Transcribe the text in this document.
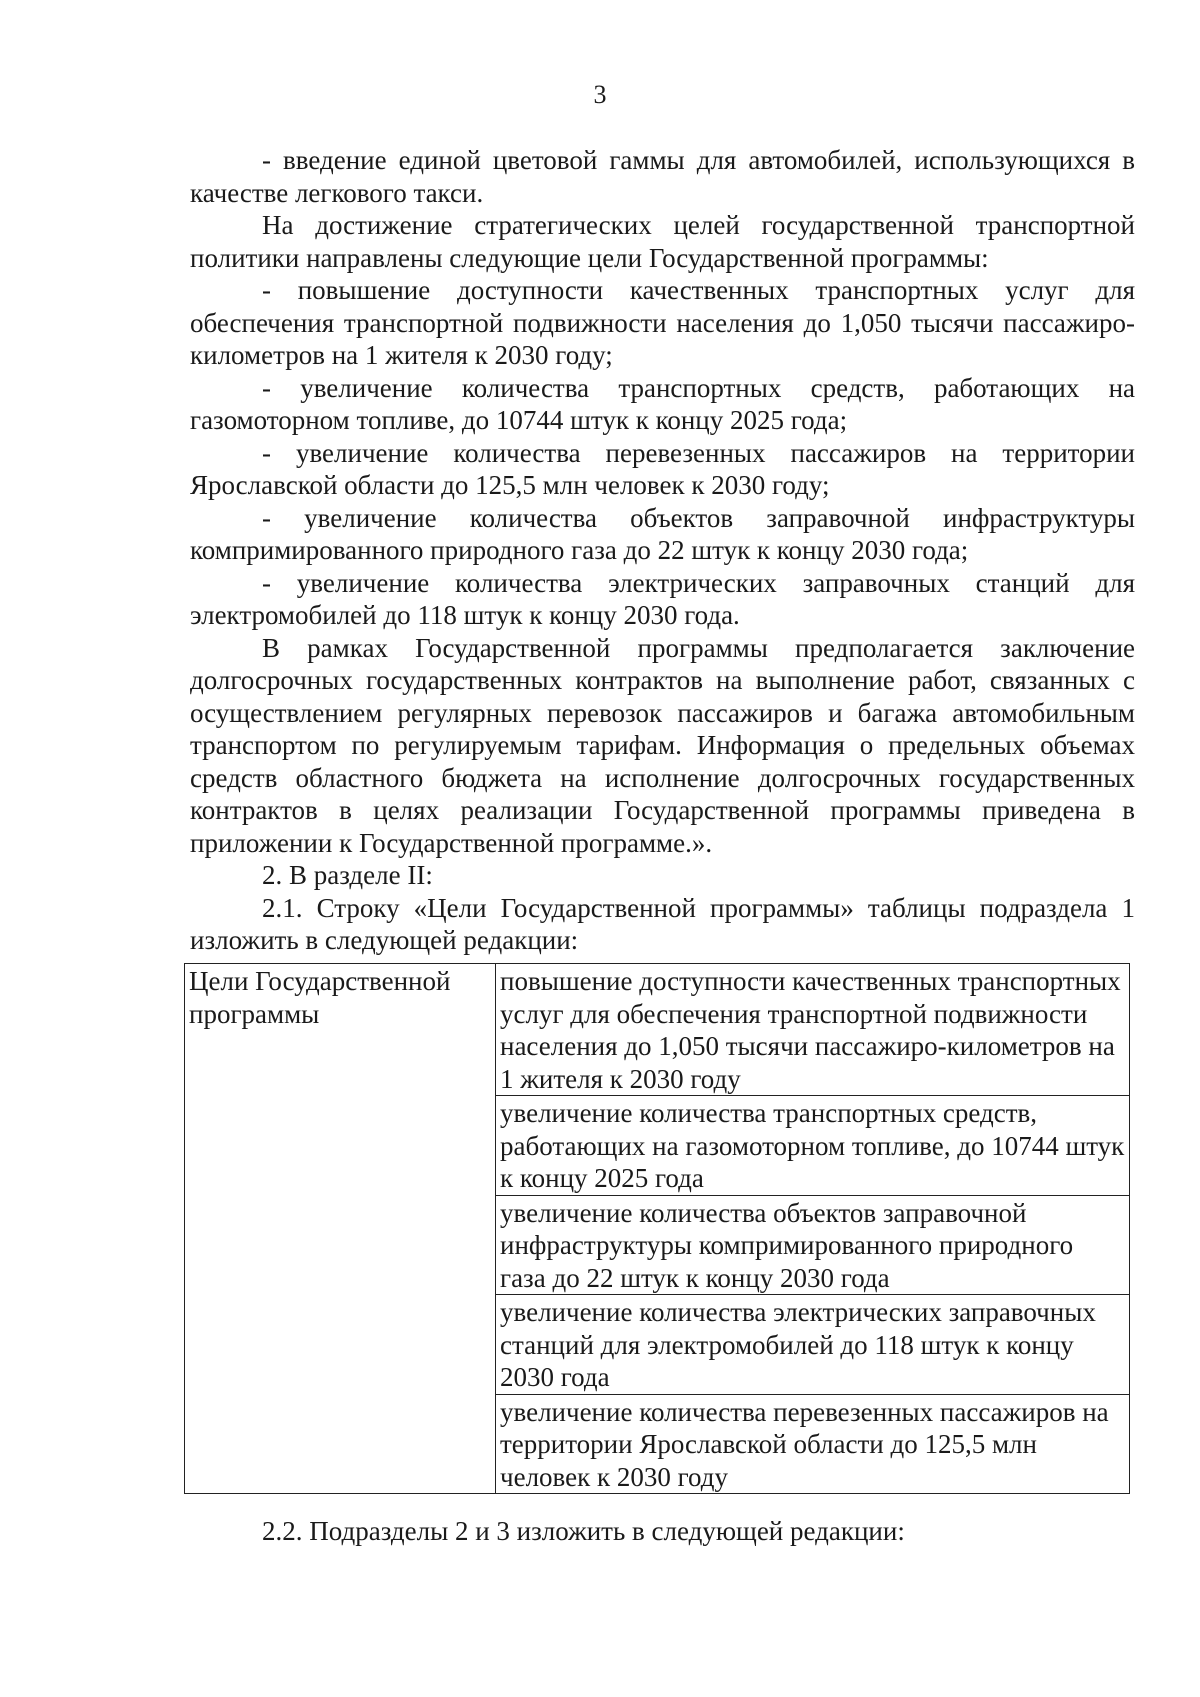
3

- введение единой цветовой гаммы для автомобилей, использующихся в качестве легкового такси.

На достижение стратегических целей государственной транспортной политики направлены следующие цели Государственной программы:

- повышение доступности качественных транспортных услуг для обеспечения транспортной подвижности населения до 1,050 тысячи пассажиро-километров на 1 жителя к 2030 году;

- увеличение количества транспортных средств, работающих на газомоторном топливе, до 10744 штук к концу 2025 года;

- увеличение количества перевезенных пассажиров на территории Ярославской области до 125,5 млн человек к 2030 году;

- увеличение количества объектов заправочной инфраструктуры компримированного природного газа до 22 штук к концу 2030 года;

- увеличение количества электрических заправочных станций для электромобилей до 118 штук к концу 2030 года.

В рамках Государственной программы предполагается заключение долгосрочных государственных контрактов на выполнение работ, связанных с осуществлением регулярных перевозок пассажиров и багажа автомобильным транспортом по регулируемым тарифам. Информация о предельных объемах средств областного бюджета на исполнение долгосрочных государственных контрактов в целях реализации Государственной программы приведена в приложении к Государственной программе.».

2. В разделе II:

2.1. Строку «Цели Государственной программы» таблицы подраздела 1 изложить в следующей редакции:

Цели Государственной программы	повышение доступности качественных транспортных услуг для обеспечения транспортной подвижности населения до 1,050 тысячи пассажиро-километров на 1 жителя к 2030 году
увеличение количества транспортных средств, работающих на газомоторном топливе, до 10744 штук к концу 2025 года
увеличение количества объектов заправочной инфраструктуры компримированного природного газа до 22 штук к концу 2030 года
увеличение количества электрических заправочных станций для электромобилей до 118 штук к концу 2030 года
увеличение количества перевезенных пассажиров на территории Ярославской области до 125,5 млн человек к 2030 году

2.2. Подразделы 2 и 3 изложить в следующей редакции:
